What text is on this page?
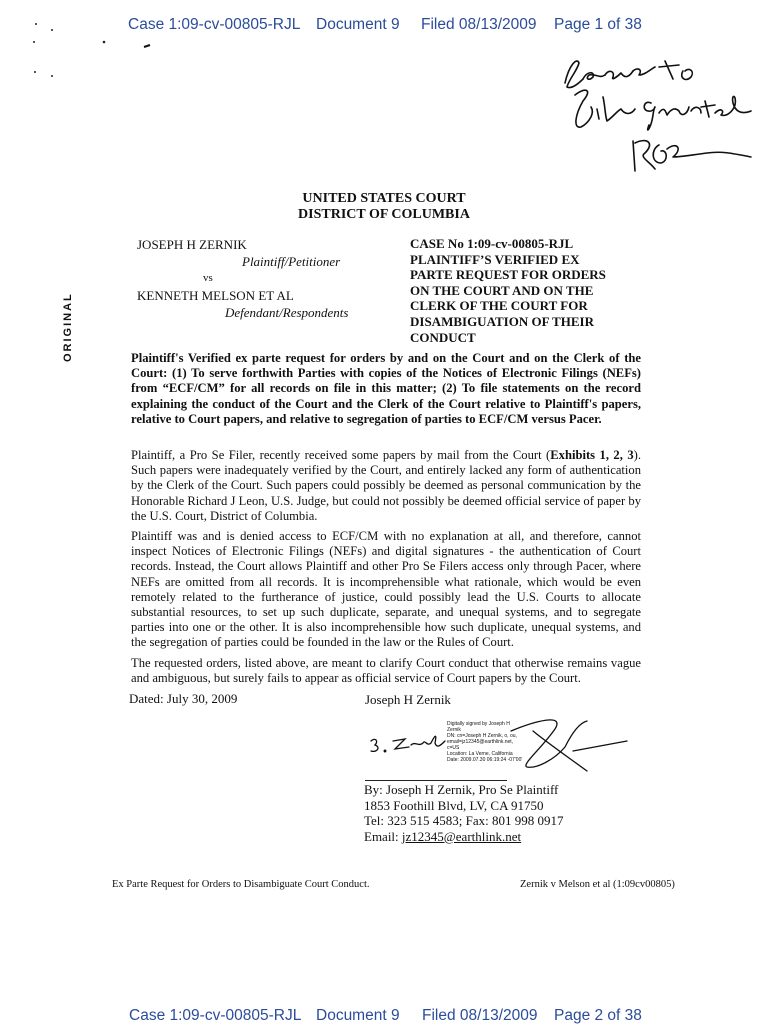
Case 1:09-cv-00805-RJL Document 9 Filed 08/13/2009 Page 1 of 38
ORIGINAL
UNITED STATES COURT
DISTRICT OF COLUMBIA
JOSEPH H ZERNIK
Plaintiff/Petitioner
vs
KENNETH MELSON ET AL
Defendant/Respondents
CASE No 1:09-cv-00805-RJL
PLAINTIFF’S VERIFIED EX
PARTE REQUEST FOR ORDERS
ON THE COURT AND ON THE
CLERK OF THE COURT FOR
DISAMBIGUATION OF THEIR
CONDUCT
Plaintiff's Verified ex parte request for orders by and on the Court and on the Clerk of the Court: (1) To serve forthwith Parties with copies of the Notices of Electronic Filings (NEFs) from “ECF/CM” for all records on file in this matter; (2) To file statements on the record explaining the conduct of the Court and the Clerk of the Court relative to Plaintiff's papers, relative to Court papers, and relative to segregation of parties to ECF/CM versus Pacer.
Plaintiff, a Pro Se Filer, recently received some papers by mail from the Court (Exhibits 1, 2, 3). Such papers were inadequately verified by the Court, and entirely lacked any form of authentication by the Clerk of the Court. Such papers could possibly be deemed as personal communication by the Honorable Richard J Leon, U.S. Judge, but could not possibly be deemed official service of paper by the U.S. Court, District of Columbia.
Plaintiff was and is denied access to ECF/CM with no explanation at all, and therefore, cannot inspect Notices of Electronic Filings (NEFs) and digital signatures - the authentication of Court records. Instead, the Court allows Plaintiff and other Pro Se Filers access only through Pacer, where NEFs are omitted from all records. It is incomprehensible what rationale, which would be even remotely related to the furtherance of justice, could possibly lead the U.S. Courts to allocate substantial resources, to set up such duplicate, separate, and unequal systems, and to segregate parties into one or the other. It is also incomprehensible how such duplicate, unequal systems, and the segregation of parties could be founded in the law or the Rules of Court.
The requested orders, listed above, are meant to clarify Court conduct that otherwise remains vague and ambiguous, but surely fails to appear as official service of Court papers by the Court.
Dated: July 30, 2009	Joseph H Zernik
Digitally signed by Joseph H
Zernik
DN: cn=Joseph H Zernik, o, ou,
email=jz12345@earthlink.net,
c=US
Location: La Verne, California
Date: 2009.07.30 06:19:24 -07'00'
By: Joseph H Zernik, Pro Se Plaintiff
1853 Foothill Blvd, LV, CA 91750
Tel: 323 515 4583; Fax: 801 998 0917
Email: jz12345@earthlink.net
Ex Parte Request for Orders to Disambiguate Court Conduct.	Zernik v Melson et al (1:09cv00805)
Case 1:09-cv-00805-RJL Document 9 Filed 08/13/2009 Page 2 of 38
